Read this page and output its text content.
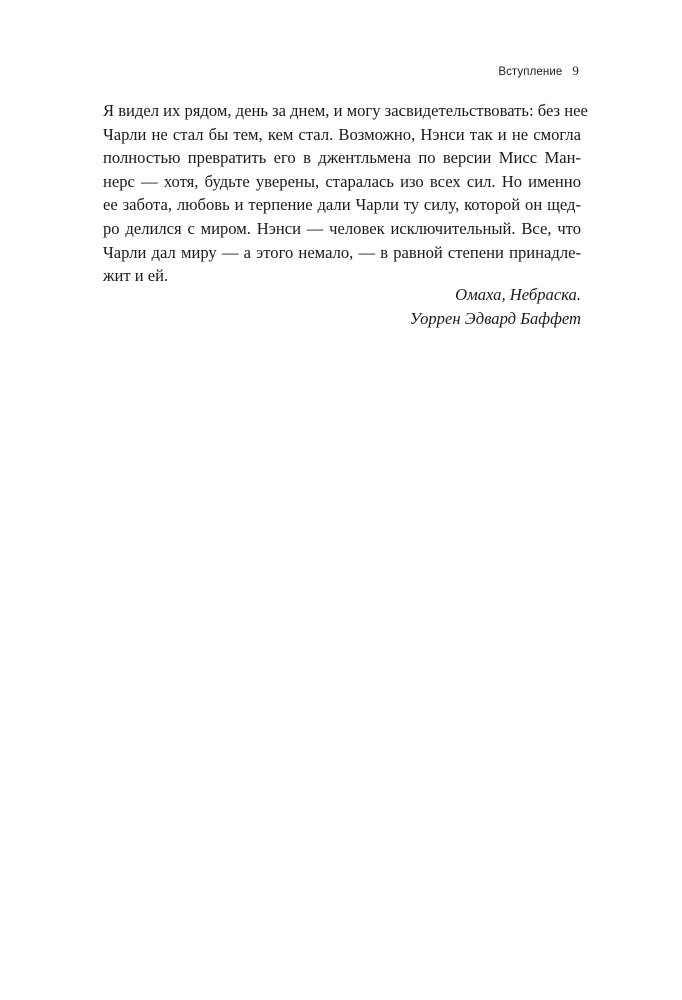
Вступление 9
Я видел их рядом, день за днем, и могу засвидетельствовать: без нее
Чарли не стал бы тем, кем стал. Возможно, Нэнси так и не смогла
полностью превратить его в джентльмена по версии Мисс Ман-
нерс — хотя, будьте уверены, старалась изо всех сил. Но именно
ее забота, любовь и терпение дали Чарли ту силу, которой он щед-
ро делился с миром. Нэнси — человек исключительный. Все, что
Чарли дал миру — а этого немало, — в равной степени принадле-
жит и ей.
Омаха, Небраска.
Уоррен Эдвард Баффет
